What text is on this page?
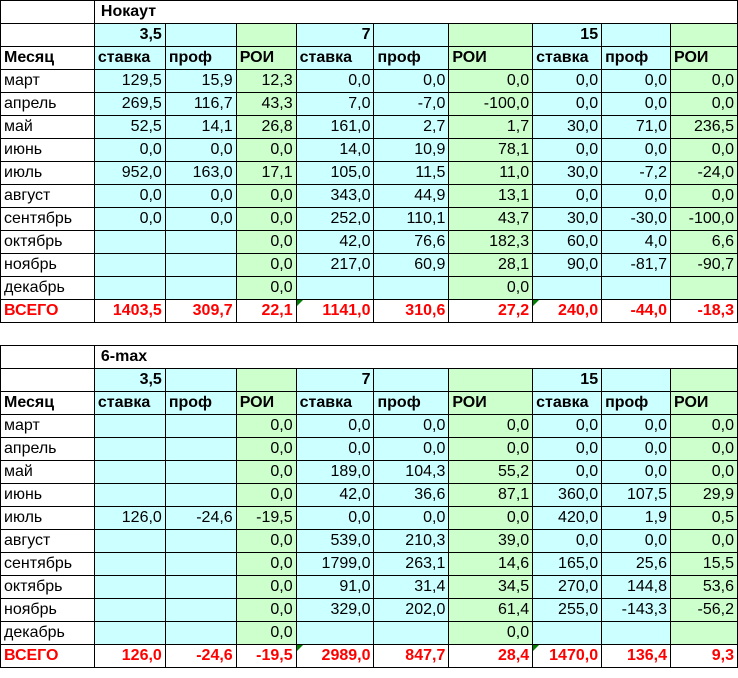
	Нокаут								
	3,5			7			15		
Месяц	ставка	проф	РОИ	ставка	проф	РОИ	ставка	проф	РОИ
март	129,5	15,9	12,3	0,0	0,0	0,0	0,0	0,0	0,0
апрель	269,5	116,7	43,3	7,0	-7,0	-100,0	0,0	0,0	0,0
май	52,5	14,1	26,8	161,0	2,7	1,7	30,0	71,0	236,5
июнь	0,0	0,0	0,0	14,0	10,9	78,1	0,0	0,0	0,0
июль	952,0	163,0	17,1	105,0	11,5	11,0	30,0	-7,2	-24,0
август	0,0	0,0	0,0	343,0	44,9	13,1	0,0	0,0	0,0
сентябрь	0,0	0,0	0,0	252,0	110,1	43,7	30,0	-30,0	-100,0
октябрь			0,0	42,0	76,6	182,3	60,0	4,0	6,6
ноябрь			0,0	217,0	60,9	28,1	90,0	-81,7	-90,7
декабрь			0,0			0,0			
ВСЕГО	1403,5	309,7	22,1	1141,0	310,6	27,2	240,0	-44,0	-18,3

	6-max								
	3,5			7			15		
Месяц	ставка	проф	РОИ	ставка	проф	РОИ	ставка	проф	РОИ
март			0,0	0,0	0,0	0,0	0,0	0,0	0,0
апрель			0,0	0,0	0,0	0,0	0,0	0,0	0,0
май			0,0	189,0	104,3	55,2	0,0	0,0	0,0
июнь			0,0	42,0	36,6	87,1	360,0	107,5	29,9
июль	126,0	-24,6	-19,5	0,0	0,0	0,0	420,0	1,9	0,5
август			0,0	539,0	210,3	39,0	0,0	0,0	0,0
сентябрь			0,0	1799,0	263,1	14,6	165,0	25,6	15,5
октябрь			0,0	91,0	31,4	34,5	270,0	144,8	53,6
ноябрь			0,0	329,0	202,0	61,4	255,0	-143,3	-56,2
декабрь			0,0			0,0			
ВСЕГО	126,0	-24,6	-19,5	2989,0	847,7	28,4	1470,0	136,4	9,3
